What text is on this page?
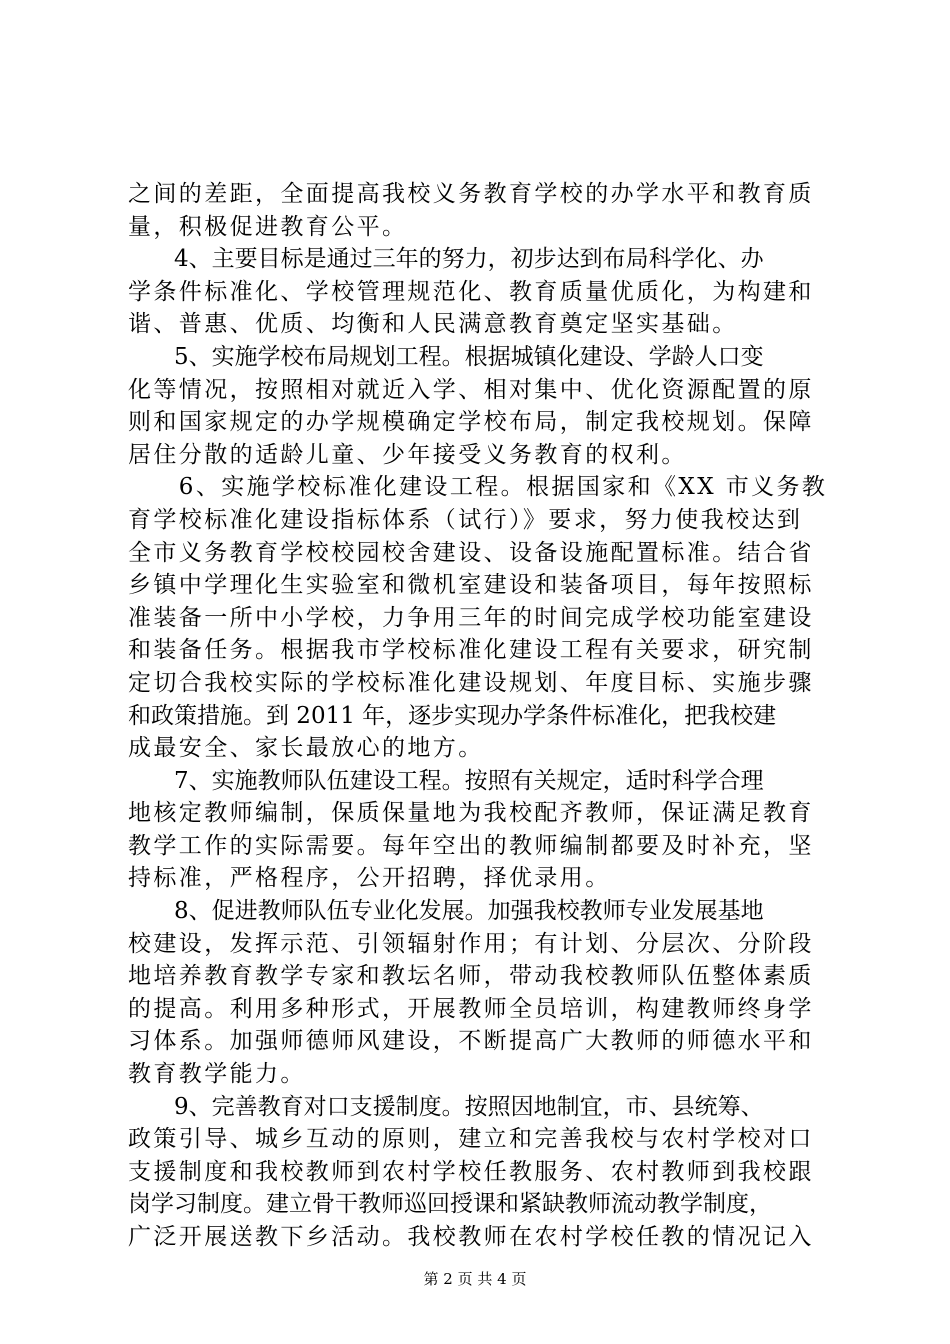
之间的差距，全面提高我校义务教育学校的办学水平和教育质
量，积极促进教育公平。
　　4、主要目标是通过三年的努力，初步达到布局科学化、办
学条件标准化、学校管理规范化、教育质量优质化，为构建和
谐、普惠、优质、均衡和人民满意教育奠定坚实基础。
　　5、实施学校布局规划工程。根据城镇化建设、学龄人口变
化等情况，按照相对就近入学、相对集中、优化资源配置的原
则和国家规定的办学规模确定学校布局，制定我校规划。保障
居住分散的适龄儿童、少年接受义务教育的权利。
　　6、实施学校标准化建设工程。根据国家和《XX 市义务教
育学校标准化建设指标体系（试行）》要求，努力使我校达到
全市义务教育学校校园校舍建设、设备设施配置标准。结合省
乡镇中学理化生实验室和微机室建设和装备项目，每年按照标
准装备一所中小学校，力争用三年的时间完成学校功能室建设
和装备任务。根据我市学校标准化建设工程有关要求，研究制
定切合我校实际的学校标准化建设规划、年度目标、实施步骤
和政策措施。到 2011 年，逐步实现办学条件标准化，把我校建
成最安全、家长最放心的地方。
　　7、实施教师队伍建设工程。按照有关规定，适时科学合理
地核定教师编制，保质保量地为我校配齐教师，保证满足教育
教学工作的实际需要。每年空出的教师编制都要及时补充，坚
持标准，严格程序，公开招聘，择优录用。
　　8、促进教师队伍专业化发展。加强我校教师专业发展基地
校建设，发挥示范、引领辐射作用；有计划、分层次、分阶段
地培养教育教学专家和教坛名师，带动我校教师队伍整体素质
的提高。利用多种形式，开展教师全员培训，构建教师终身学
习体系。加强师德师风建设，不断提高广大教师的师德水平和
教育教学能力。
　　9、完善教育对口支援制度。按照因地制宜，市、县统筹、
政策引导、城乡互动的原则，建立和完善我校与农村学校对口
支援制度和我校教师到农村学校任教服务、农村教师到我校跟
岗学习制度。建立骨干教师巡回授课和紧缺教师流动教学制度，
广泛开展送教下乡活动。我校教师在农村学校任教的情况记入
第 2 页 共 4 页
